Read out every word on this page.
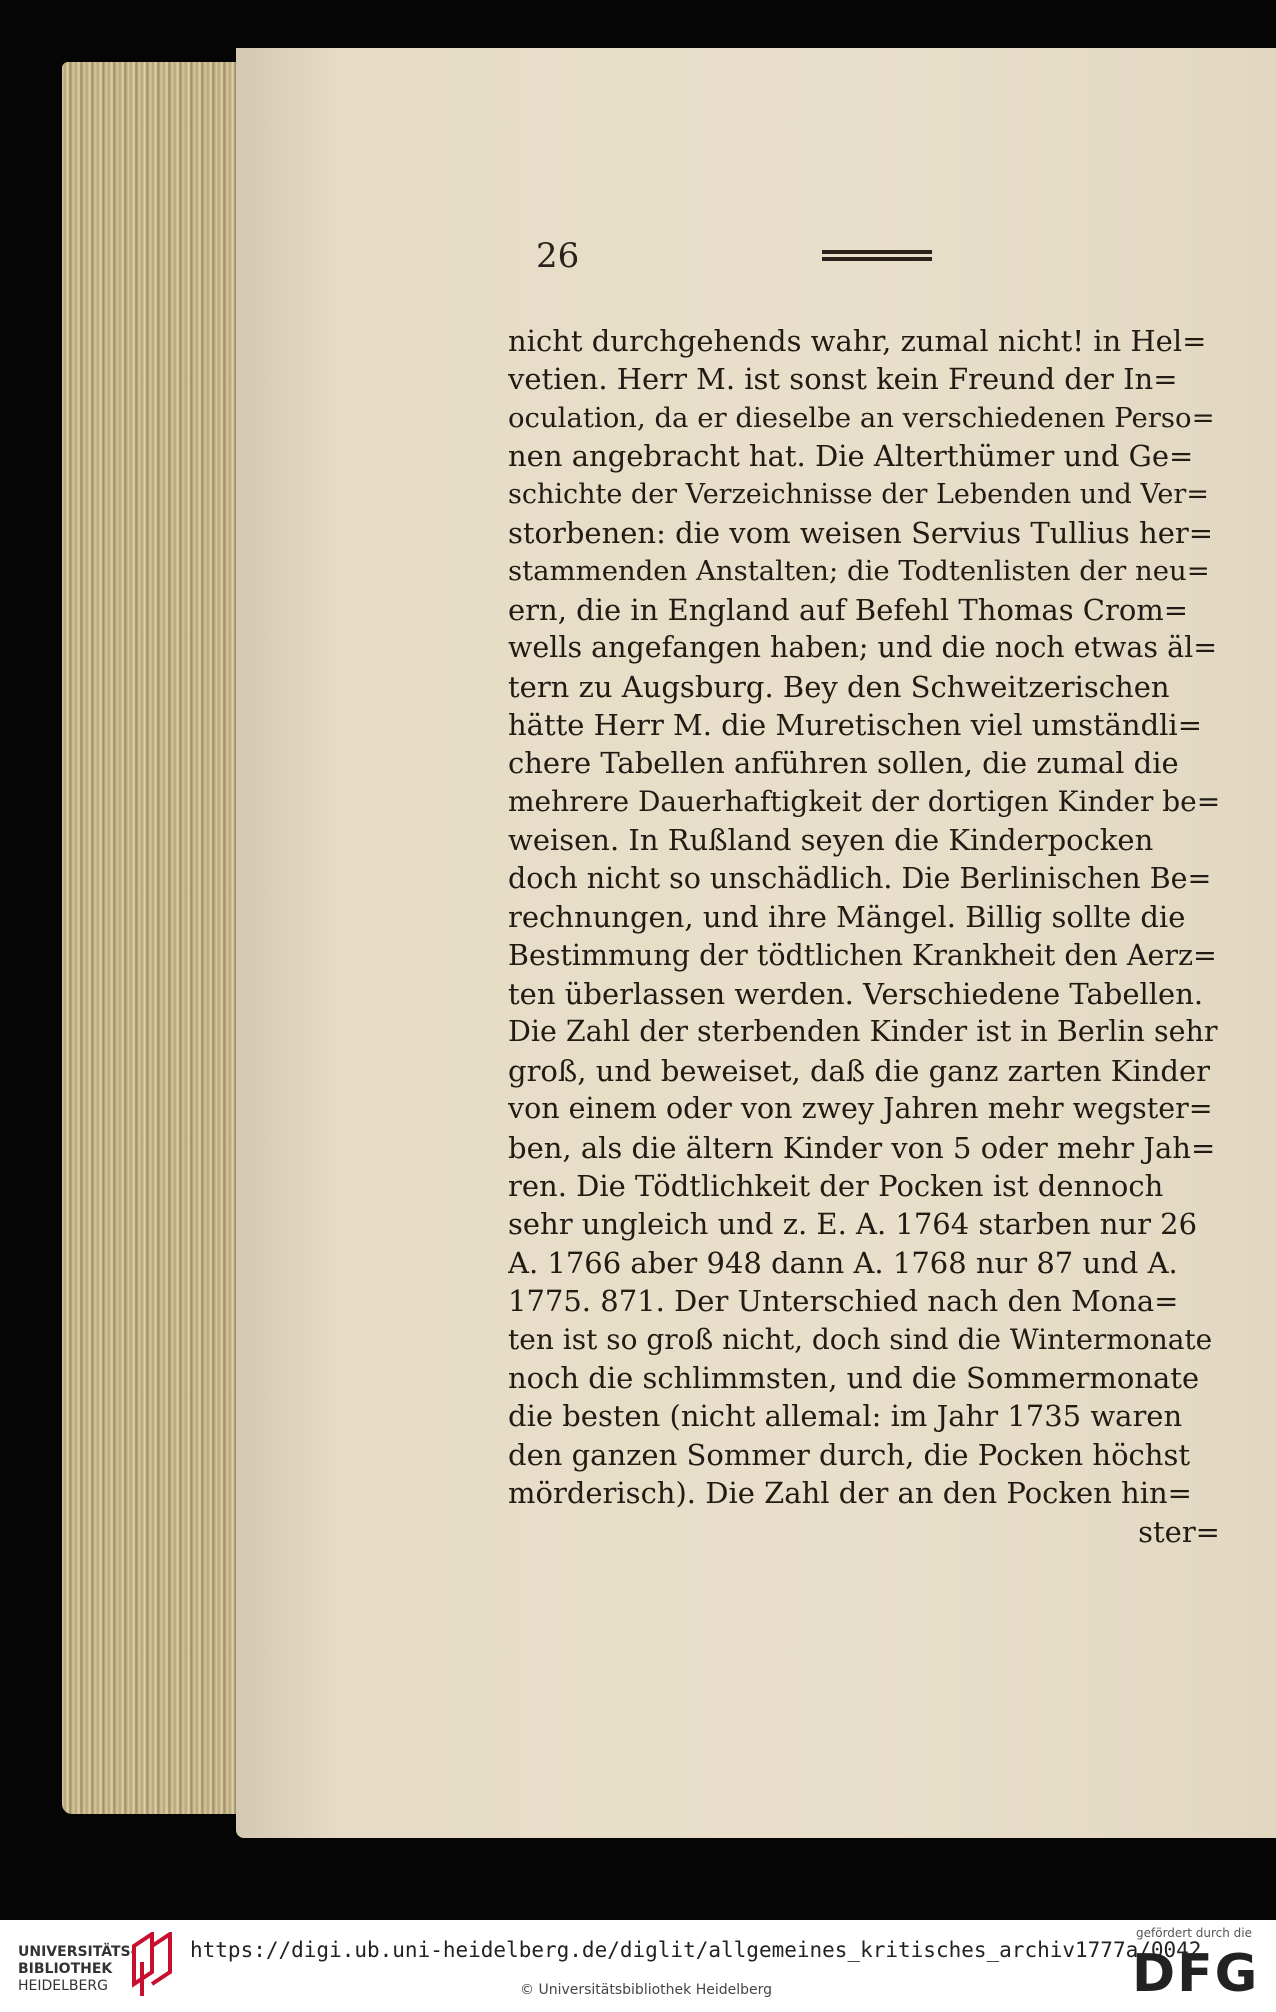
26
nicht durchgehends wahr, zumal nicht! in Hel=
vetien. Herr M. ist sonst kein Freund der In=
oculation, da er dieselbe an verschiedenen Perso=
nen angebracht hat. Die Alterthümer und Ge=
schichte der Verzeichnisse der Lebenden und Ver=
storbenen: die vom weisen Servius Tullius her=
stammenden Anstalten; die Todtenlisten der neu=
ern, die in England auf Befehl Thomas Crom=
wells angefangen haben; und die noch etwas äl=
tern zu Augsburg. Bey den Schweitzerischen
hätte Herr M. die Muretischen viel umständli=
chere Tabellen anführen sollen, die zumal die
mehrere Dauerhaftigkeit der dortigen Kinder be=
weisen. In Rußland seyen die Kinderpocken
doch nicht so unschädlich. Die Berlinischen Be=
rechnungen, und ihre Mängel. Billig sollte die
Bestimmung der tödtlichen Krankheit den Aerz=
ten überlassen werden. Verschiedene Tabellen.
Die Zahl der sterbenden Kinder ist in Berlin sehr
groß, und beweiset, daß die ganz zarten Kinder
von einem oder von zwey Jahren mehr wegster=
ben, als die ältern Kinder von 5 oder mehr Jah=
ren. Die Tödtlichkeit der Pocken ist dennoch
sehr ungleich und z. E. A. 1764 starben nur 26
A. 1766 aber 948 dann A. 1768 nur 87 und A.
1775. 871. Der Unterschied nach den Mona=
ten ist so groß nicht, doch sind die Wintermonate
noch die schlimmsten, und die Sommermonate
die besten (nicht allemal: im Jahr 1735 waren
den ganzen Sommer durch, die Pocken höchst
mörderisch). Die Zahl der an den Pocken hin=
ster=
UNIVERSITÄTS-
BIBLIOTHEK
HEIDELBERG
https://digi.ub.uni-heidelberg.de/diglit/allgemeines_kritisches_archiv1777a/0042
© Universitätsbibliothek Heidelberg
gefördert durch die
DFG
